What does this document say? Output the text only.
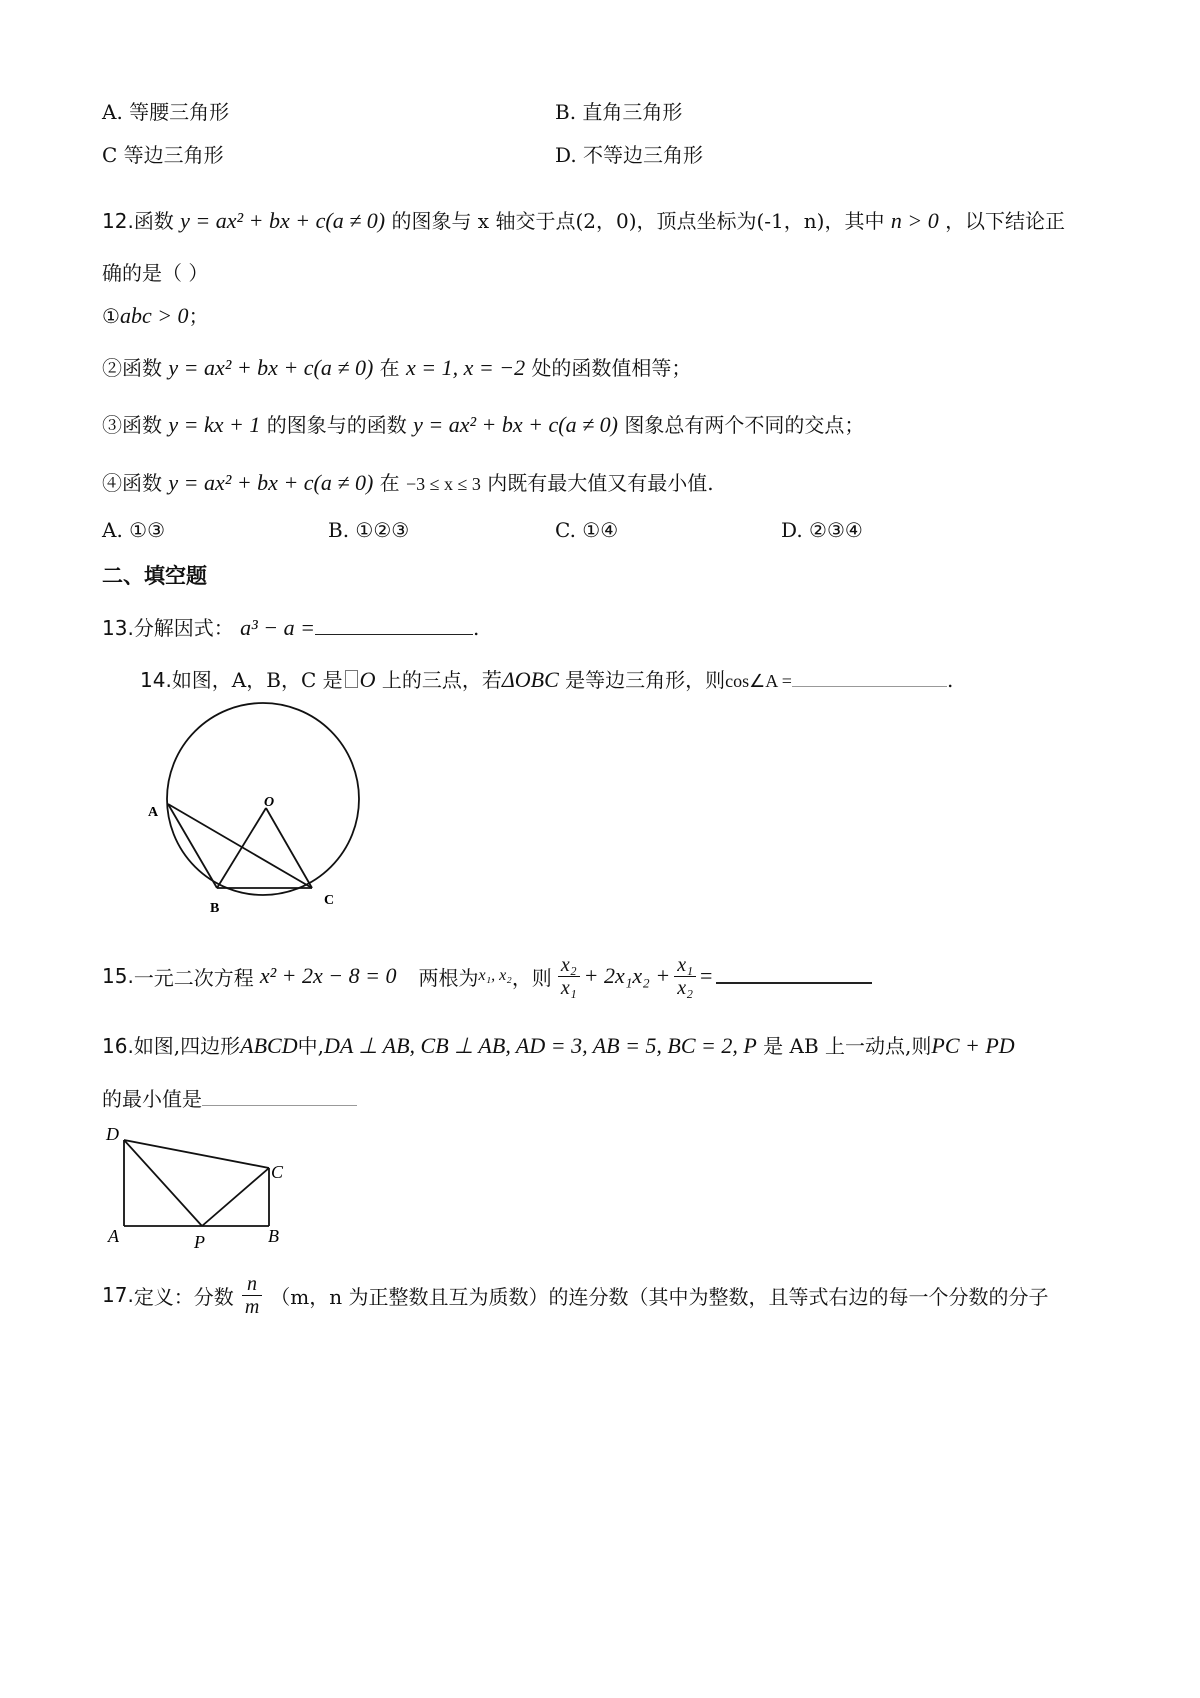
A. 等腰三角形	B. 直角三角形
C 等边三角形	D. 不等边三角形
12.函数 y = ax² + bx + c(a ≠ 0) 的图象与 x 轴交于点(2，0)，顶点坐标为(-1，n)，其中 n > 0 ，以下结论正
确的是（ ）
①abc > 0；
②函数 y = ax² + bx + c(a ≠ 0) 在 x = 1, x = −2 处的函数值相等；
③函数 y = kx + 1 的图象与的函数 y = ax² + bx + c(a ≠ 0) 图象总有两个不同的交点；
④函数 y = ax² + bx + c(a ≠ 0) 在 −3 ≤ x ≤ 3 内既有最大值又有最小值.
A. ①③	B. ①②③	C. ①④	D. ②③④
二、填空题
13.分解因式： a³ − a =	.
14.如图，A，B，C 是 O 上的三点，若ΔOBC 是等边三角形，则cos∠A =	.
A
O
B
C
15. 一元二次方程 x² + 2x − 8 = 0 两根为 x₁, x₂ ，则 $\frac{\text{x₂}}{\text{x₁}} + 2x_1x_2 + \frac{\text{x₁}}{\text{x₂}}$ =
16.如图,四边形ABCD中,DA ⊥ AB, CB ⊥ AB, AD = 3, AB = 5, BC = 2, P 是 AB 上一动点,则PC + PD
的最小值是
D
C
A	P	B
17. 定义：分数 $\frac{n}{m} (m$，n 为正整数且互为质数）的连分数（其中为整数，且等式右边的每一个分数的分子
